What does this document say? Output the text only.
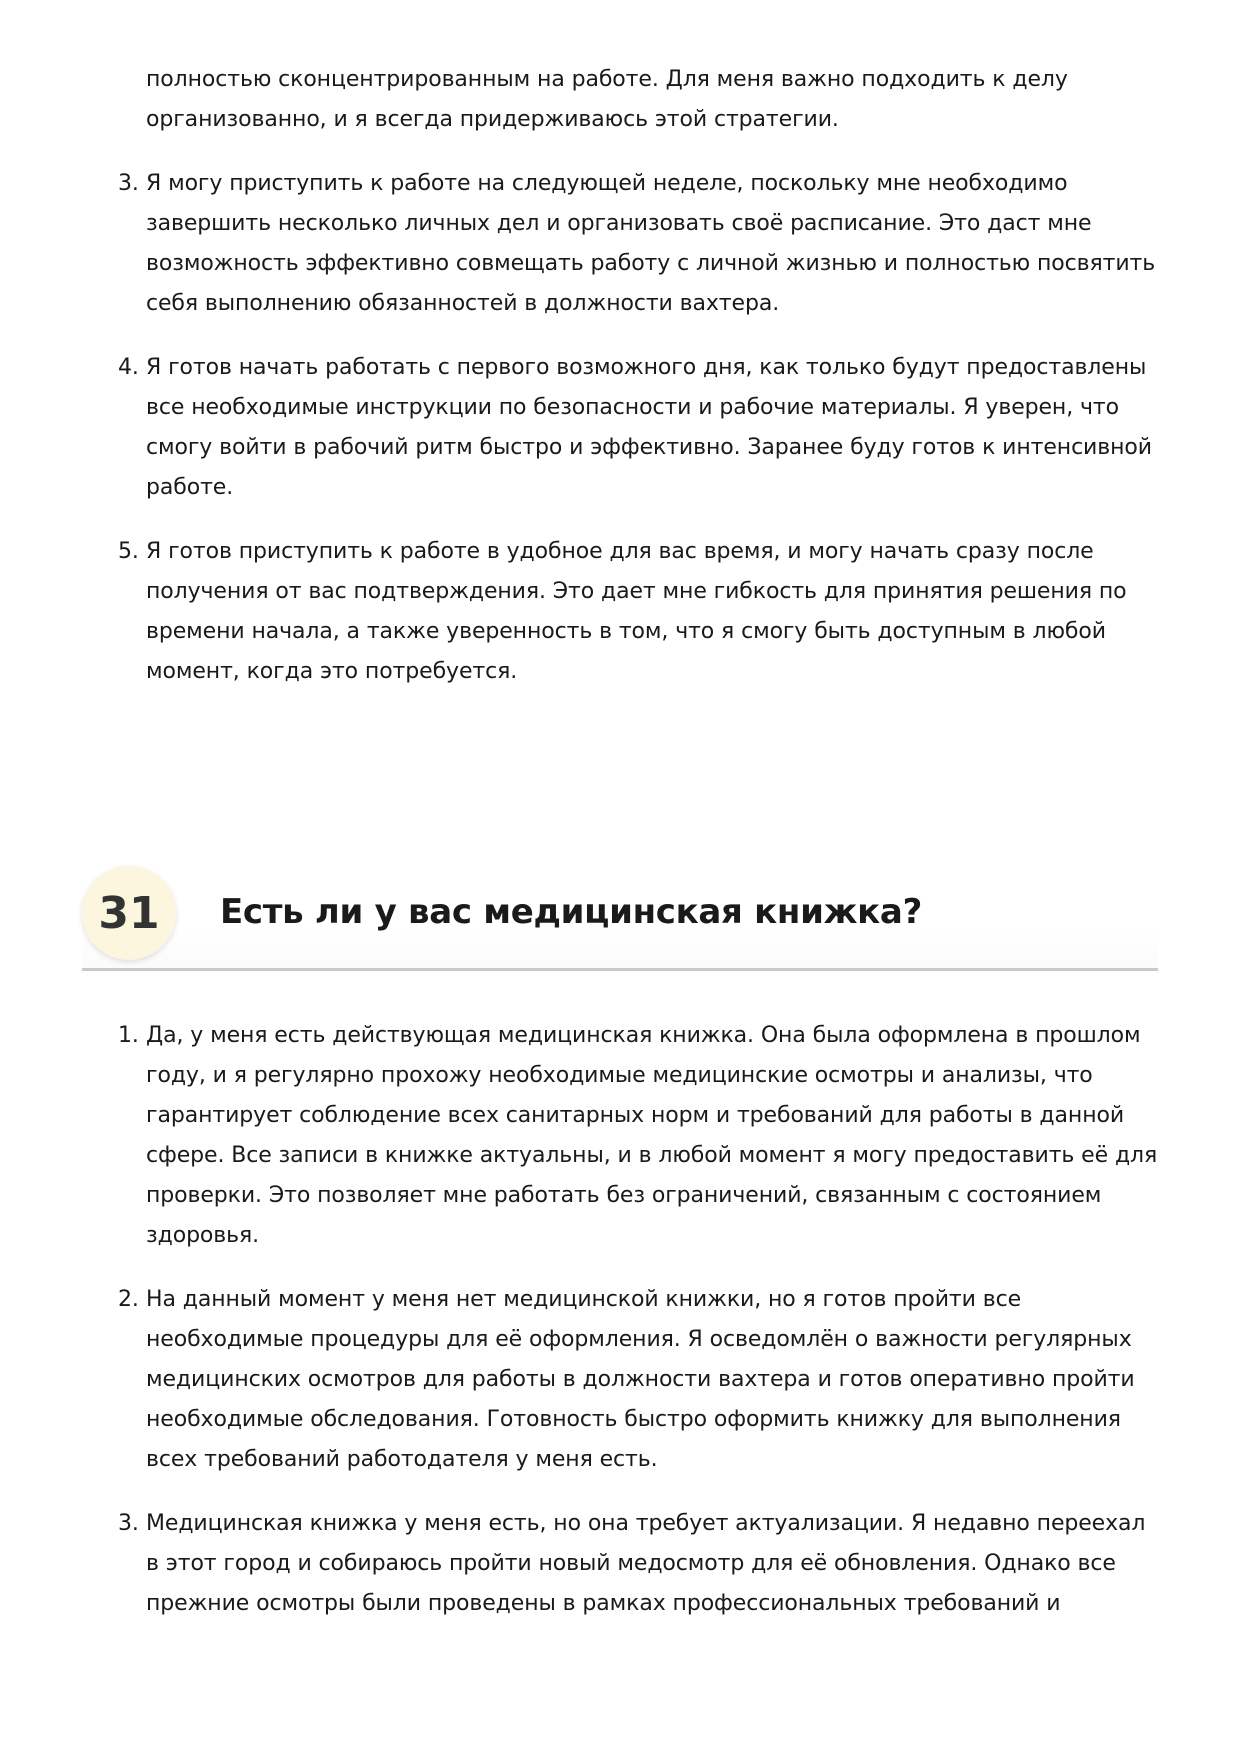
полностью сконцентрированным на работе. Для меня важно подходить к делу организованно, и я всегда придерживаюсь этой стратегии.
3. Я могу приступить к работе на следующей неделе, поскольку мне необходимо завершить несколько личных дел и организовать своё расписание. Это даст мне возможность эффективно совмещать работу с личной жизнью и полностью посвятить себя выполнению обязанностей в должности вахтера.
4. Я готов начать работать с первого возможного дня, как только будут предоставлены все необходимые инструкции по безопасности и рабочие материалы. Я уверен, что смогу войти в рабочий ритм быстро и эффективно. Заранее буду готов к интенсивной работе.
5. Я готов приступить к работе в удобное для вас время, и могу начать сразу после получения от вас подтверждения. Это дает мне гибкость для принятия решения по времени начала, а также уверенность в том, что я смогу быть доступным в любой момент, когда это потребуется.
31	Есть ли у вас медицинская книжка?
1. Да, у меня есть действующая медицинская книжка. Она была оформлена в прошлом году, и я регулярно прохожу необходимые медицинские осмотры и анализы, что гарантирует соблюдение всех санитарных норм и требований для работы в данной сфере. Все записи в книжке актуальны, и в любой момент я могу предоставить её для проверки. Это позволяет мне работать без ограничений, связанным с состоянием здоровья.
2. На данный момент у меня нет медицинской книжки, но я готов пройти все необходимые процедуры для её оформления. Я осведомлён о важности регулярных медицинских осмотров для работы в должности вахтера и готов оперативно пройти необходимые обследования. Готовность быстро оформить книжку для выполнения всех требований работодателя у меня есть.
3. Медицинская книжка у меня есть, но она требует актуализации. Я недавно переехал в этот город и собираюсь пройти новый медосмотр для её обновления. Однако все прежние осмотры были проведены в рамках профессиональных требований и
